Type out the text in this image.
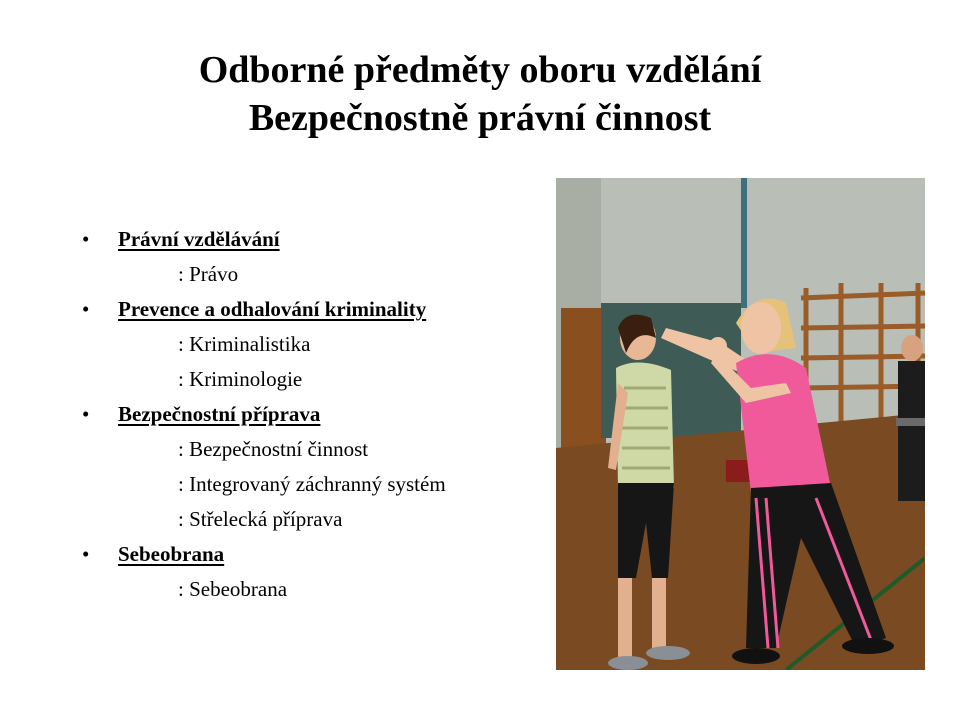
Odborné předměty oboru vzdělání
Bezpečnostně právní činnost
•	Právní vzdělávání
: Právo
•	Prevence a odhalování kriminality
: Kriminalistika
: Kriminologie
•	Bezpečnostní příprava
: Bezpečnostní činnost
: Integrovaný záchranný systém
: Střelecká příprava
•	Sebeobrana
: Sebeobrana
